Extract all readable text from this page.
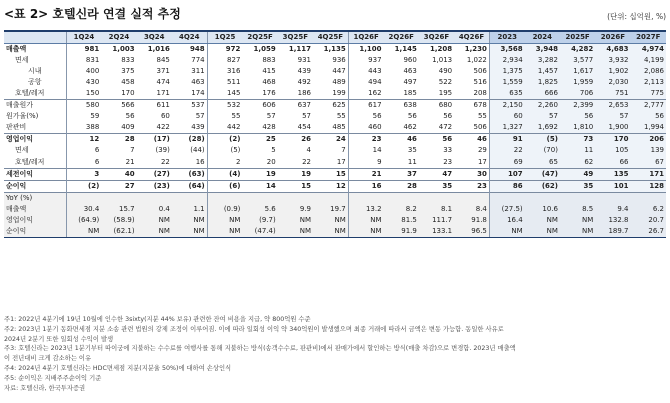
<표 2> 호텔신라 연결 실적 추정	(단위: 십억원, %)
	1Q24	2Q24	3Q24	4Q24	1Q25	2Q25F	3Q25F	4Q25F	1Q26F	2Q26F	3Q26F	4Q26F	2023	2024	2025F	2026F	2027F
매출액	981	1,003	1,016	948	972	1,059	1,117	1,135	1,100	1,145	1,208	1,230	3,568	3,948	4,282	4,683	4,974
면세	831	833	845	774	827	883	931	936	937	960	1,013	1,022	2,934	3,282	3,577	3,932	4,199
시내	400	375	371	311	316	415	439	447	443	463	490	506	1,375	1,457	1,617	1,902	2,086
공항	430	458	474	463	511	468	492	489	494	497	522	516	1,559	1,825	1,959	2,030	2,113
호텔/레저	150	170	171	174	145	176	186	199	162	185	195	208	635	666	706	751	775
매출원가	580	566	611	537	532	606	637	625	617	638	680	678	2,150	2,260	2,399	2,653	2,777
원가율(%)	59	56	60	57	55	57	57	55	56	56	56	55	60	57	56	57	56
판관비	388	409	422	439	442	428	454	485	460	462	472	506	1,327	1,692	1,810	1,900	1,994
영업이익	12	28	(17)	(28)	(2)	25	26	24	23	46	56	46	91	(5)	73	170	206
면세	6	7	(39)	(44)	(5)	5	4	7	14	35	33	29	22	(70)	11	105	139
호텔/레저	6	21	22	16	2	20	22	17	9	11	23	17	69	65	62	66	67
세전이익	3	40	(27)	(63)	(4)	19	19	15	21	37	47	30	107	(47)	49	135	171
순이익	(2)	27	(23)	(64)	(6)	14	15	12	16	28	35	23	86	(62)	35	101	128
YoY (%)																	
매출액	30.4	15.7	0.4	1.1	(0.9)	5.6	9.9	19.7	13.2	8.2	8.1	8.4	(27.5)	10.6	8.5	9.4	6.2
영업이익	(64.9)	(58.9)	NM	NM	NM	(9.7)	NM	NM	NM	81.5	111.7	91.8	16.4	NM	NM	132.8	20.7
순이익	NM	(62.1)	NM	NM	NM	(47.4)	NM	NM	NM	91.9	133.1	96.5	NM	NM	NM	189.7	26.7
주1: 2022년 4분기에 19년 10월에 인수한 3sixty(지분 44% 보유) 관련한 잔여 비용을 지급, 약 800억원 수준
주2: 2023년 1분기 동화면세점 지분 소송 관련 법원의 강제 조정이 이루어짐. 이에 따라 일회성 이익 약 340억원이 발생했으며 최종 거래에 따라서 금액은 변동 가능함. 동일한 사유로
2024년 2분기 또한 일회성 수익이 발생
주3: 호텔신라는 2023년 1분기부터 따이궁에 지불하는 수수료를 여행사를 통해 지불하는 방식(송객수수료, 판관비)에서 판매가에서 할인하는 방식(매출 차감)으로 변경함. 2023년 매출액
이 전년대비 크게 감소하는 이유
주4: 2024년 4분기 호텔신라는 HDC면세점 지분(지분율 50%)에 대하여 손상인식
주5: 순이익은 지배주주순이익 기준
자료: 호텔신라, 한국투자증권
